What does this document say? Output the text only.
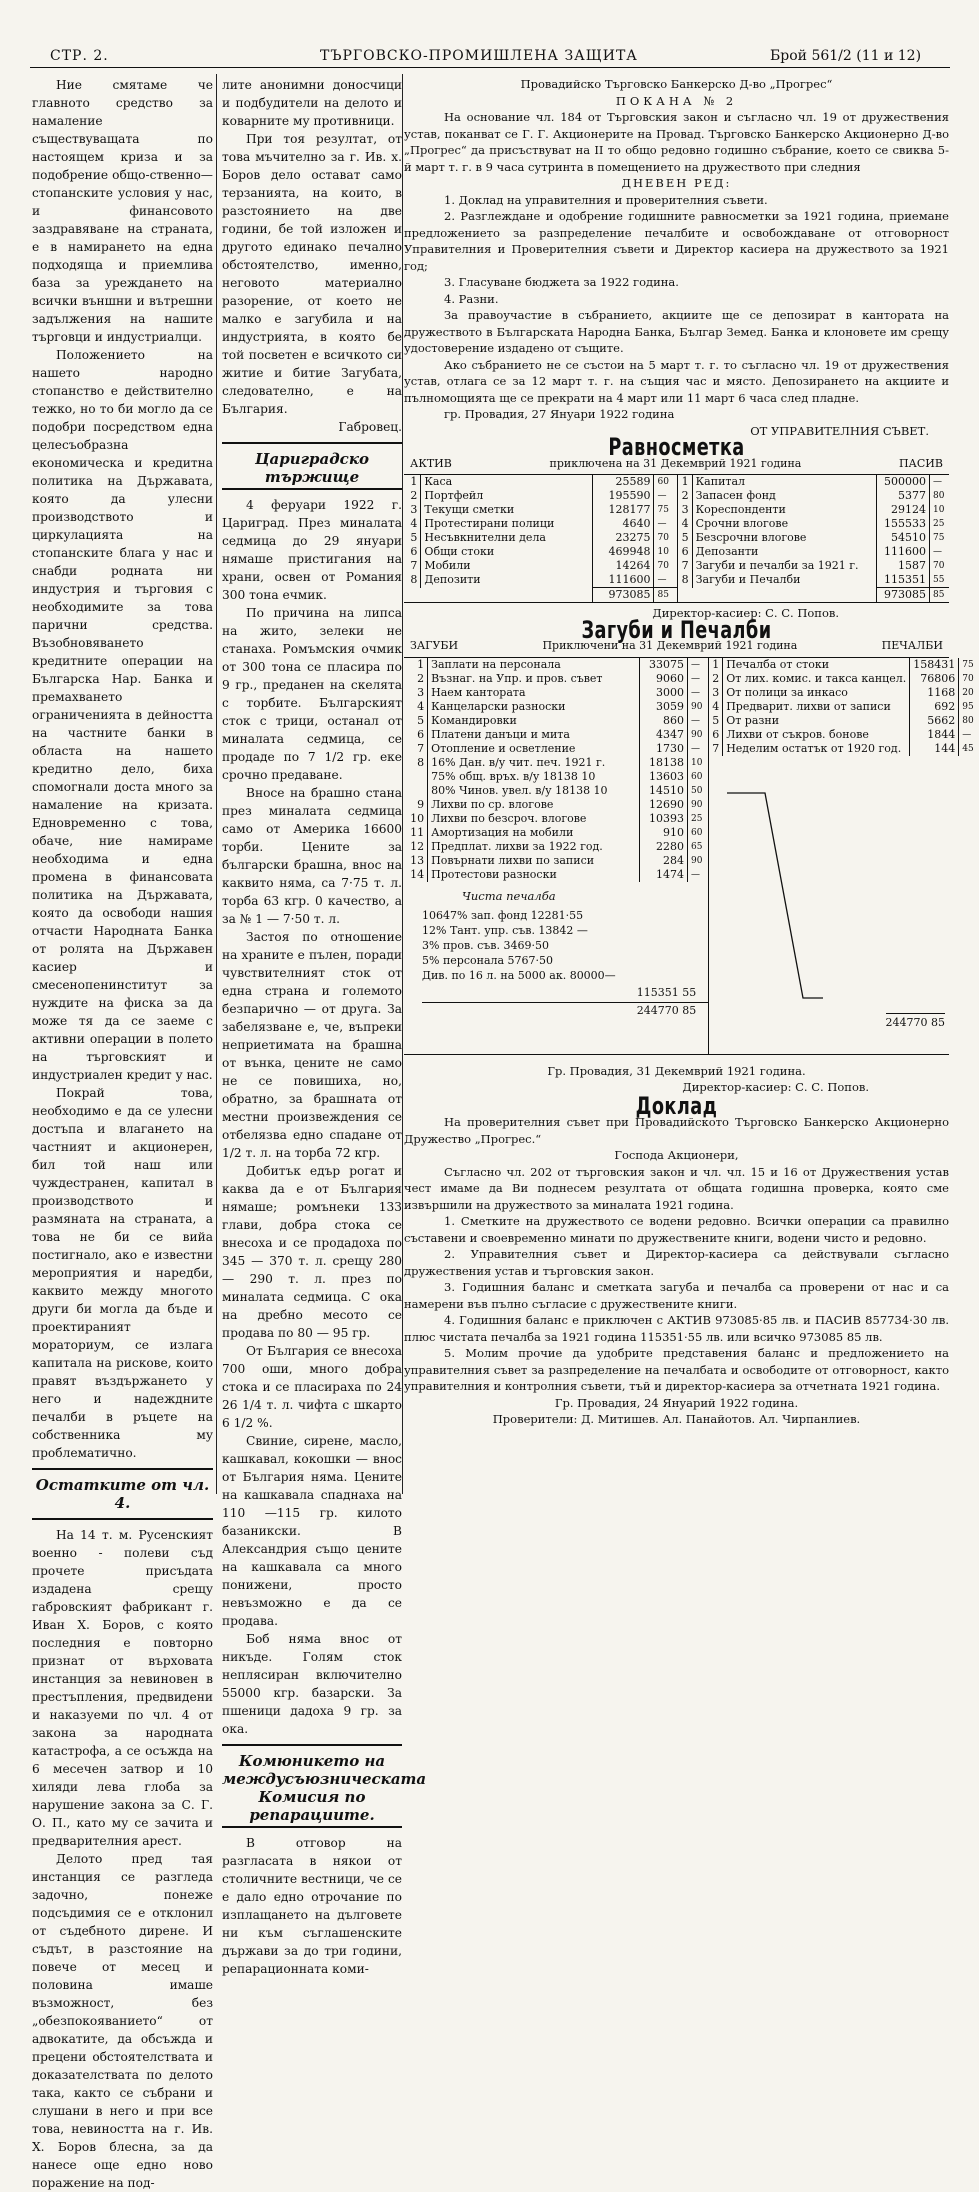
СТР. 2.	ТЪРГОВСКО-ПРОМИШЛЕНА ЗАЩИТА	Брой 561/2 (11 и 12)

Ние смятаме че главното средство за намаление съществуващата по настоящем криза и за подобрение общо-ственно—стопанските условия у нас, и финансовото заздравяване на страната, е в намирането на една подходяща и приемлива база за уреждането на всички външни и вътрешни задължения на нашите търговци и индустриалци.

Положението на нашето народно стопанство е действително тежко, но то би могло да се подобри посредством една целесъобразна економическа и кредитна политика на Държавата, която да улесни производството и циркулацията на стопанските блага у нас и снабди родната ни индустрия и търговия с необходимите за това парични средства. Възобновяването кредитните операции на Българска Нар. Банка и премахването ограниченията в дейността на частните банки в областа на нашето кредитно дело, биха спомогнали доста много за намаление на кризата. Едновременно с това, обаче, ние намираме необходима и една промена в финансовата политика на Държавата, която да освободи нашия отчасти Народната Банка от ролята на Държавен касиер и смесенопенинститут за нуждите на фиска за да може тя да се заеме с активни операции в полето на търговският и индустриален кредит у нас.

Покрай това, необходимо е да се улесни достъпа и влагането на частният и акционерен, бил той наш или чуждестранен, капитал в производството и размяната на страната, а това не би се вийа постигнало, ако е известни мероприятия и наредби, каквито между многото други би могла да бъде и проектираният мораториум, се излага капитала на рискове, които правят въздържането у него и надеждните печалби в ръцете на собственника му проблематично.

Остатките от чл. 4.

На 14 т. м. Русенският военно - полеви съд прочете присъдата издадена срещу габровският фабрикант г. Иван Х. Боров, с която последния е повторно признат от върховата инстанция за невиновен в престъпления, предвидени и наказуеми по чл. 4 от закона за народната катастрофа, а се осъжда на 6 месечен затвор и 10 хиляди лева глоба за нарушение закона за С. Г. О. П., като му се зачита и предварителния арест.

Делото пред тая инстанция се разгледа задочно, понеже подсъдимия се е отклонил от съдебното дирене. И съдът, в разстояние на повече от месец и половина имаше възможност, без „обезпокояванието“ от адвокатите, да обсъжда и прецени обстоятелствата и доказателствата по делото така, както се събрани и слушани в него и при все това, невиността на г. Ив. Х. Боров блесна, за да нанесе още едно ново поражение на под-

лите анонимни доносчици и подбудители на делото и коварните му противници.

При тоя резултат, от това мъчително за г. Ив. х. Боров дело остават само терзанията, на които, в разстоянието на две години, бе той изложен и другото единако печално обстоятелство, именно, неговото материално разорение, от което не малко е загубила и на индустрията, в която бе той посветен е всичкото си житие и битие Загубата, следователно, е на България.

Габровец.

Цариградско тържище

4 феруари 1922 г. Цариград. През миналата седмица до 29 януари нямаше пристигания на храни, освен от Романия 300 тона ечмик.

По причина на липса на жито, зелеки не станаха. Ромъмския очмик от 300 тона се пласира по 9 гр., преданен на скелята с торбите. Българският сток с трици, останал от миналата седмица, се продаде по 7 1/2 гр. еке срочно предаване.

Вносе на брашно стана през миналата седмица само от Америка 16600 торби. Цените за български брашна, внос на каквито няма, са 7·75 т. л. торба 63 кгр. 0 качество, а за № 1 — 7·50 т. л.

Застоя по отношение на храните е пълен, поради чувствителният сток от една страна и големото безпарично — от друга. За забелязване е, че, въпреки неприетимата на брашна от вънка, цените не само не се повишиха, но, обратно, за брашната от местни произвеждения се отбелязва едно спадане от 1/2 т. л. на торба 72 кгр.

Добитък едър рогат и каква да е от България нямаше; ромънеки 133 глави, добра стока се внесоха и се продадоха по 345 — 370 т. л. срещу 280 — 290 т. л. през по миналата седмица. С ока на дребно месото се продава по 80 — 95 гр.

От България се внесоха 700 оши, много добра стока и се пласираха по 24 26 1/4 т. л. чифта с шкарто 6 1/2 %.

Свиние, сирене, масло, кашкавал, кокошки — внос от България няма. Цените на кашкавала спаднаха на 110 —115 гр. килото базаникски. В Александрия също цените на кашкавала са много понижени, просто невъзможно е да се продава.

Боб няма внос от никъде. Голям сток неплясиран включително 55000 кгр. базарски. За пшеници дадоха 9 гр. за ока.

Комюникето на междусъюзническата Комисия по репарациите.

В отговор на разгласата в някои от столичните вестници, че се е дало едно отрочание по изплащането на дълговете ни към съглашенските държави за до три години, репарационната коми-

Провадийско Търговско Банкерско Д-во „Прогрес“
ПОКАНА № 2

На основание чл. 184 от Търговския закон и съгласно чл. 19 от дружествения устав, поканват се Г. Г. Акционерите на Провад. Търговско Банкерско Акционерно Д-во „Прогрес“ да присъствуват на II то общо редовно годишно събрание, което се свиква 5-й март т. г. в 9 часа сутринта в помещението на дружеството при следния

ДНЕВЕН РЕД:

1. Доклад на управителния и проверителния съвети.

2. Разглеждане и одобрение годишните равносметки за 1921 година, приемане предложението за разпределение печалбите и освобождаване от отговорност Управителния и Проверителния съвети и Директор касиера на дружеството за 1921 год;

3. Гласуване бюджета за 1922 година.

4. Разни.

За правоучастие в събранието, акциите ще се депозират в кантората на дружеството в Българската Народна Банка, Българ Земед. Банка и клоновете им срещу удостоверение издадено от същите.

Ако събранието не се състои на 5 март т. г. то съгласно чл. 19 от дружествения устав, отлага се за 12 март т. г. на същия час и място. Депозирането на акциите и пълномощията ще се прекрати на 4 март или 11 март 6 часа след пладне.

гр. Провадия, 27 Януари 1922 година

ОТ УПРАВИТЕЛНИЯ СЪВЕТ.
Равносметка
АКТИВ	приключена на 31 Декемврий 1921 година	ПАСИВ
1	Каса	25589	60
2	Портфейл	195590	—
3	Текущи сметки	128177	75
4	Протестирани полици	4640	—
5	Несъвкнителни дела	23275	70
6	Общи стоки	469948	10
7	Мобили	14264	70
8	Депозити	111600	—
		973085	85
1	Капитал	500000	—
2	Запасен фонд	5377	80
3	Кореспонденти	29124	10
4	Срочни влогове	155533	25
5	Безсрочни влогове	54510	75
6	Депозанти	111600	—
7	Загуби и печалби за 1921 г.	1587	70
8	Загуби и Печалби	115351	55
		973085	85
Директор-касиер: С. С. Попов.
Загуби и Печалби
ЗАГУБИ	Приключени на 31 Декемврий 1921 година	ПЕЧАЛБИ
1	Заплати на персонала	33075	—
2	Възнаг. на Упр. и пров. съвет	9060	—
3	Наем кантората	3000	—
4	Канцеларски разноски	3059	90
5	Командировки	860	—
6	Платени данъци и мита	4347	90
7	Отопление и осветление	1730	—
8	16% Дан. в/у чит. печ. 1921 г.	18138	10
	75% общ. връх. в/у 18138 10	13603	60
	80% Чинов. увел. в/у 18138 10	14510	50
9	Лихви по ср. влогове	12690	90
10	Лихви по безсроч. влогове	10393	25
11	Амортизация на мобили	910	60
12	Предплат. лихви за 1922 год.	2280	65
13	Повърнати лихви по записи	284	90
14	Протестови разноски	1474	—
Чиста печалба
10647% зап. фонд 12281·55
12% Тант. упр. съв. 13842 —
3% пров. съв. 3469·50
5% персонала 5767·50
Див. по 16 л. на 5000 ак. 80000—
115351 55
244770 85
1	Печалба от стоки	158431	75
2	От лих. комис. и такса канцел.	76806	70
3	От полици за инкасо	1168	20
4	Предварит. лихви от записи	692	95
5	От разни	5662	80
6	Лихви от съкров. бонове	1844	—
7	Неделим остатък от 1920 год.	144	45
244770 85
Гр. Провадия, 31 Декемврий 1921 година.
Директор-касиер: С. С. Попов.
Доклад

На проверителния съвет при Провадийското Търговско Банкерско Акционерно Дружество „Прогрес.“

Господа Акционери,

Съгласно чл. 202 от търговския закон и чл. чл. 15 и 16 от Дружествения устав чест имаме да Ви поднесем резултата от общата годишна проверка, която сме извършили на дружеството за миналата 1921 година.

1. Сметките на дружеството се водени редовно. Всички операции са правилно съставени и своевременно минати по дружествените книги, водени чисто и редовно.

2. Управителния съвет и Директор-касиера са действували съгласно дружествения устав и търговския закон.

3. Годишния баланс и сметката загуба и печалба са проверени от нас и са намерени във пълно съгласие с дружествените книги.

4. Годишния баланс е приключен с АКТИВ 973085·85 лв. и ПАСИВ 857734·30 лв. плюс чистата печалба за 1921 година 115351·55 лв. или всичко 973085 85 лв.

5. Молим прочие да удобрите представения баланс и предложението на управителния съвет за разпределение на печалбата и освободите от отговорност, както управителния и контролния съвети, тъй и директор-касиера за отчетната 1921 година.

Гр. Провадия, 24 Януарий 1922 година.
Проверители: Д. Митишев. Ал. Панайотов. Ал. Чирпанлиев.
